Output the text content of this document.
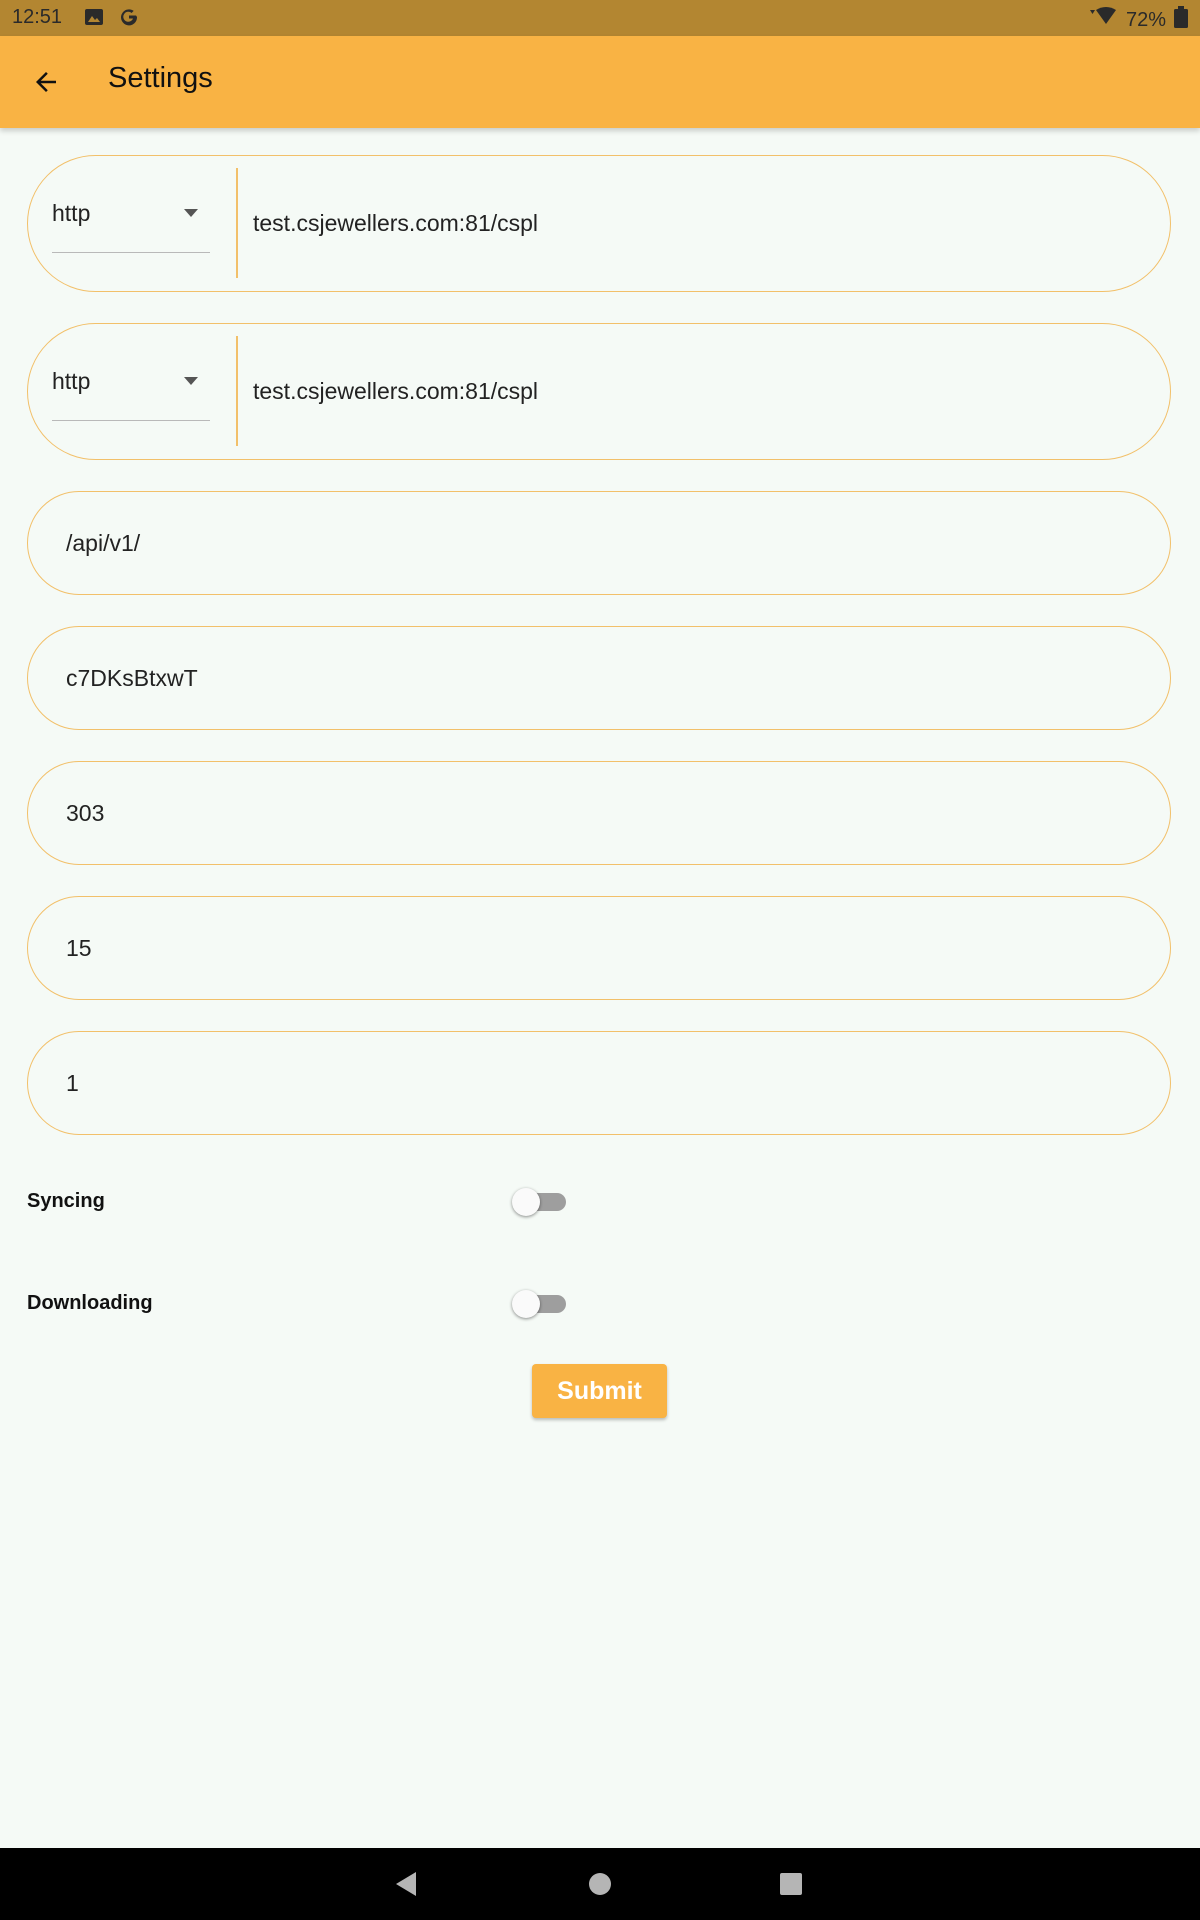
12:51	72%
Settings
http	test.csjewellers.com:81/cspl
http	test.csjewellers.com:81/cspl
/api/v1/
c7DKsBtxwT
303
15
1
Syncing
Downloading
Submit
